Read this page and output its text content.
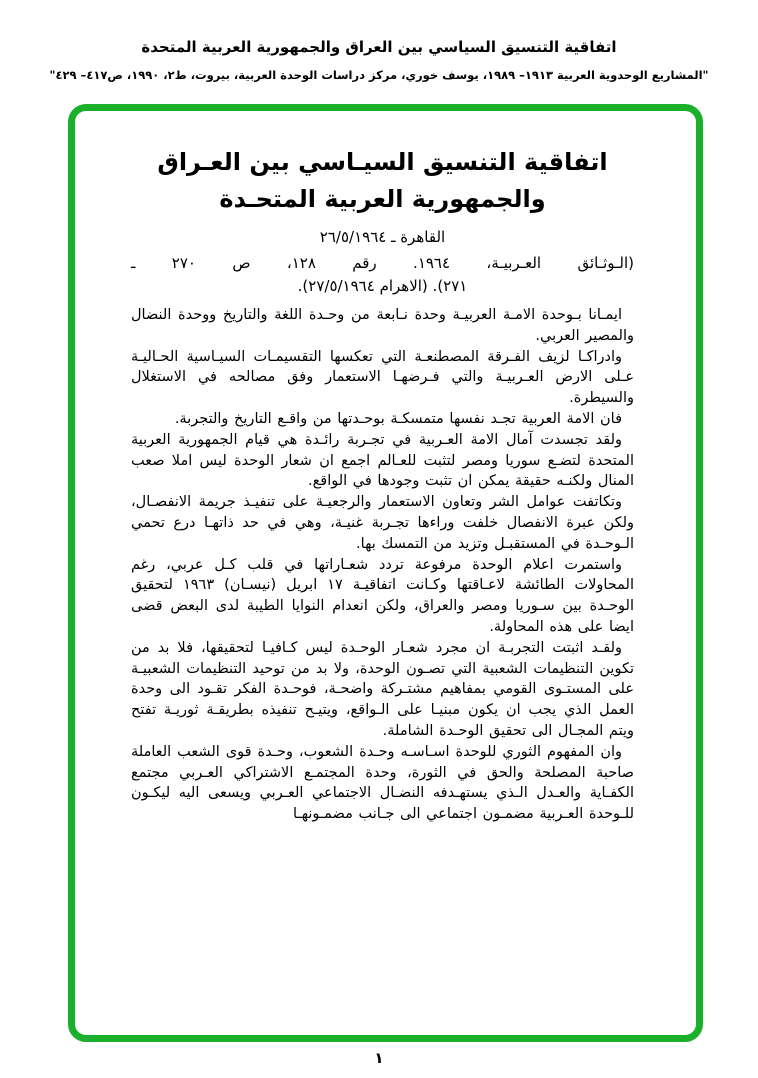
اتفاقية التنسيق السياسي بين العراق والجمهورية العربية المتحدة
"المشاريع الوحدوية العربية ١٩١٣– ١٩٨٩، يوسف خوري، مركز دراسات الوحدة العربية، بيروت، ط٢، ١٩٩٠، ص٤١٧– ٤٢٩"
اتفاقية التنسيق السيـاسي بين العـراق
والجمهورية العربية المتحـدة
القاهرة ـ ٢٦/٥/١٩٦٤
(الـوثـائق العـربيـة، ١٩٦٤. رقم ١٢٨، ص ٢٧٠ ـ
٢٧١). (الاهرام ٢٧/٥/١٩٦٤).

ايمـانا بـوحدة الامـة العربيـة وحدة نـابعة من وحـدة اللغة والتاريخ ووحدة النضال والمصير العربي.

وادراكـا لزيف الفـرقة المصطنعـة التي تعكسها التقسيمـات السيـاسية الحـاليـة عـلى الارض العـربيـة والتي فـرضهـا الاستعمار وفق مصالحه في الاستغلال والسيطرة.

فان الامة العربية تجـد نفسها متمسكـة بوحـدتها من واقـع التاريخ والتجربة.

ولقد تجسدت آمال الامة العـربية في تجـربة رائـدة هي قيام الجمهورية العربية المتحدة لتضـع سوريا ومصر لتثبت للعـالم اجمع ان شعار الوحدة ليس املا صعب المنال ولكنـه حقيقة يمكن ان تثبت وجودها في الواقع.

وتكاتفت عوامل الشر وتعاون الاستعمار والرجعيـة على تنفيـذ جريمة الانفصـال، ولكن عبرة الانفصال خلفت وراءها تجـربة غنيـة، وهي في حد ذاتهـا درع تحمي الـوحـدة في المستقبـل وتزيد من التمسك بها.

واستمرت اعلام الوحدة مرفوعة تردد شعـاراتها في قلب كـل عربي، رغم المحاولات الطائشة لاعـاقتها وكـانت اتفاقيـة ١٧ ابريل (نيسـان) ١٩٦٣ لتحقيق الوحـدة بين سـوريا ومصر والعراق، ولكن انعدام النوايا الطيبة لدى البعض قضى ايضا على هذه المحاولة.

ولقـد اثبتت التجربـة ان مجرد شعـار الوحـدة ليس كـافيـا لتحقيقها، فلا بد من تكوين التنظيمات الشعبية التي تصـون الوحدة، ولا بد من توحيد التنظيمات الشعبيـة على المستـوى القومي بمفاهيم مشتـركة واضحـة، فوحـدة الفكر تقـود الى وحدة العمل الذي يجب ان يكون مبنيـا على الـواقع، ويتيـح تنفيذه بطريقـة ثوريـة تفتح ويتم المجـال الى تحقيق الوحـدة الشاملة.

وان المفهوم الثوري للوحدة اسـاسـه وحـدة الشعوب، وحـدة قوى الشعب العاملة صاحبة المصلحة والحق في الثورة، وحدة المجتمـع الاشتراكي العـربي مجتمع الكفـاية والعـدل الـذي يستهـدفه النضـال الاجتماعي العـربي ويسعى اليه ليكـون للـوحدة العـربية مضمـون اجتماعي الى جـانب مضمـونهـا

١
